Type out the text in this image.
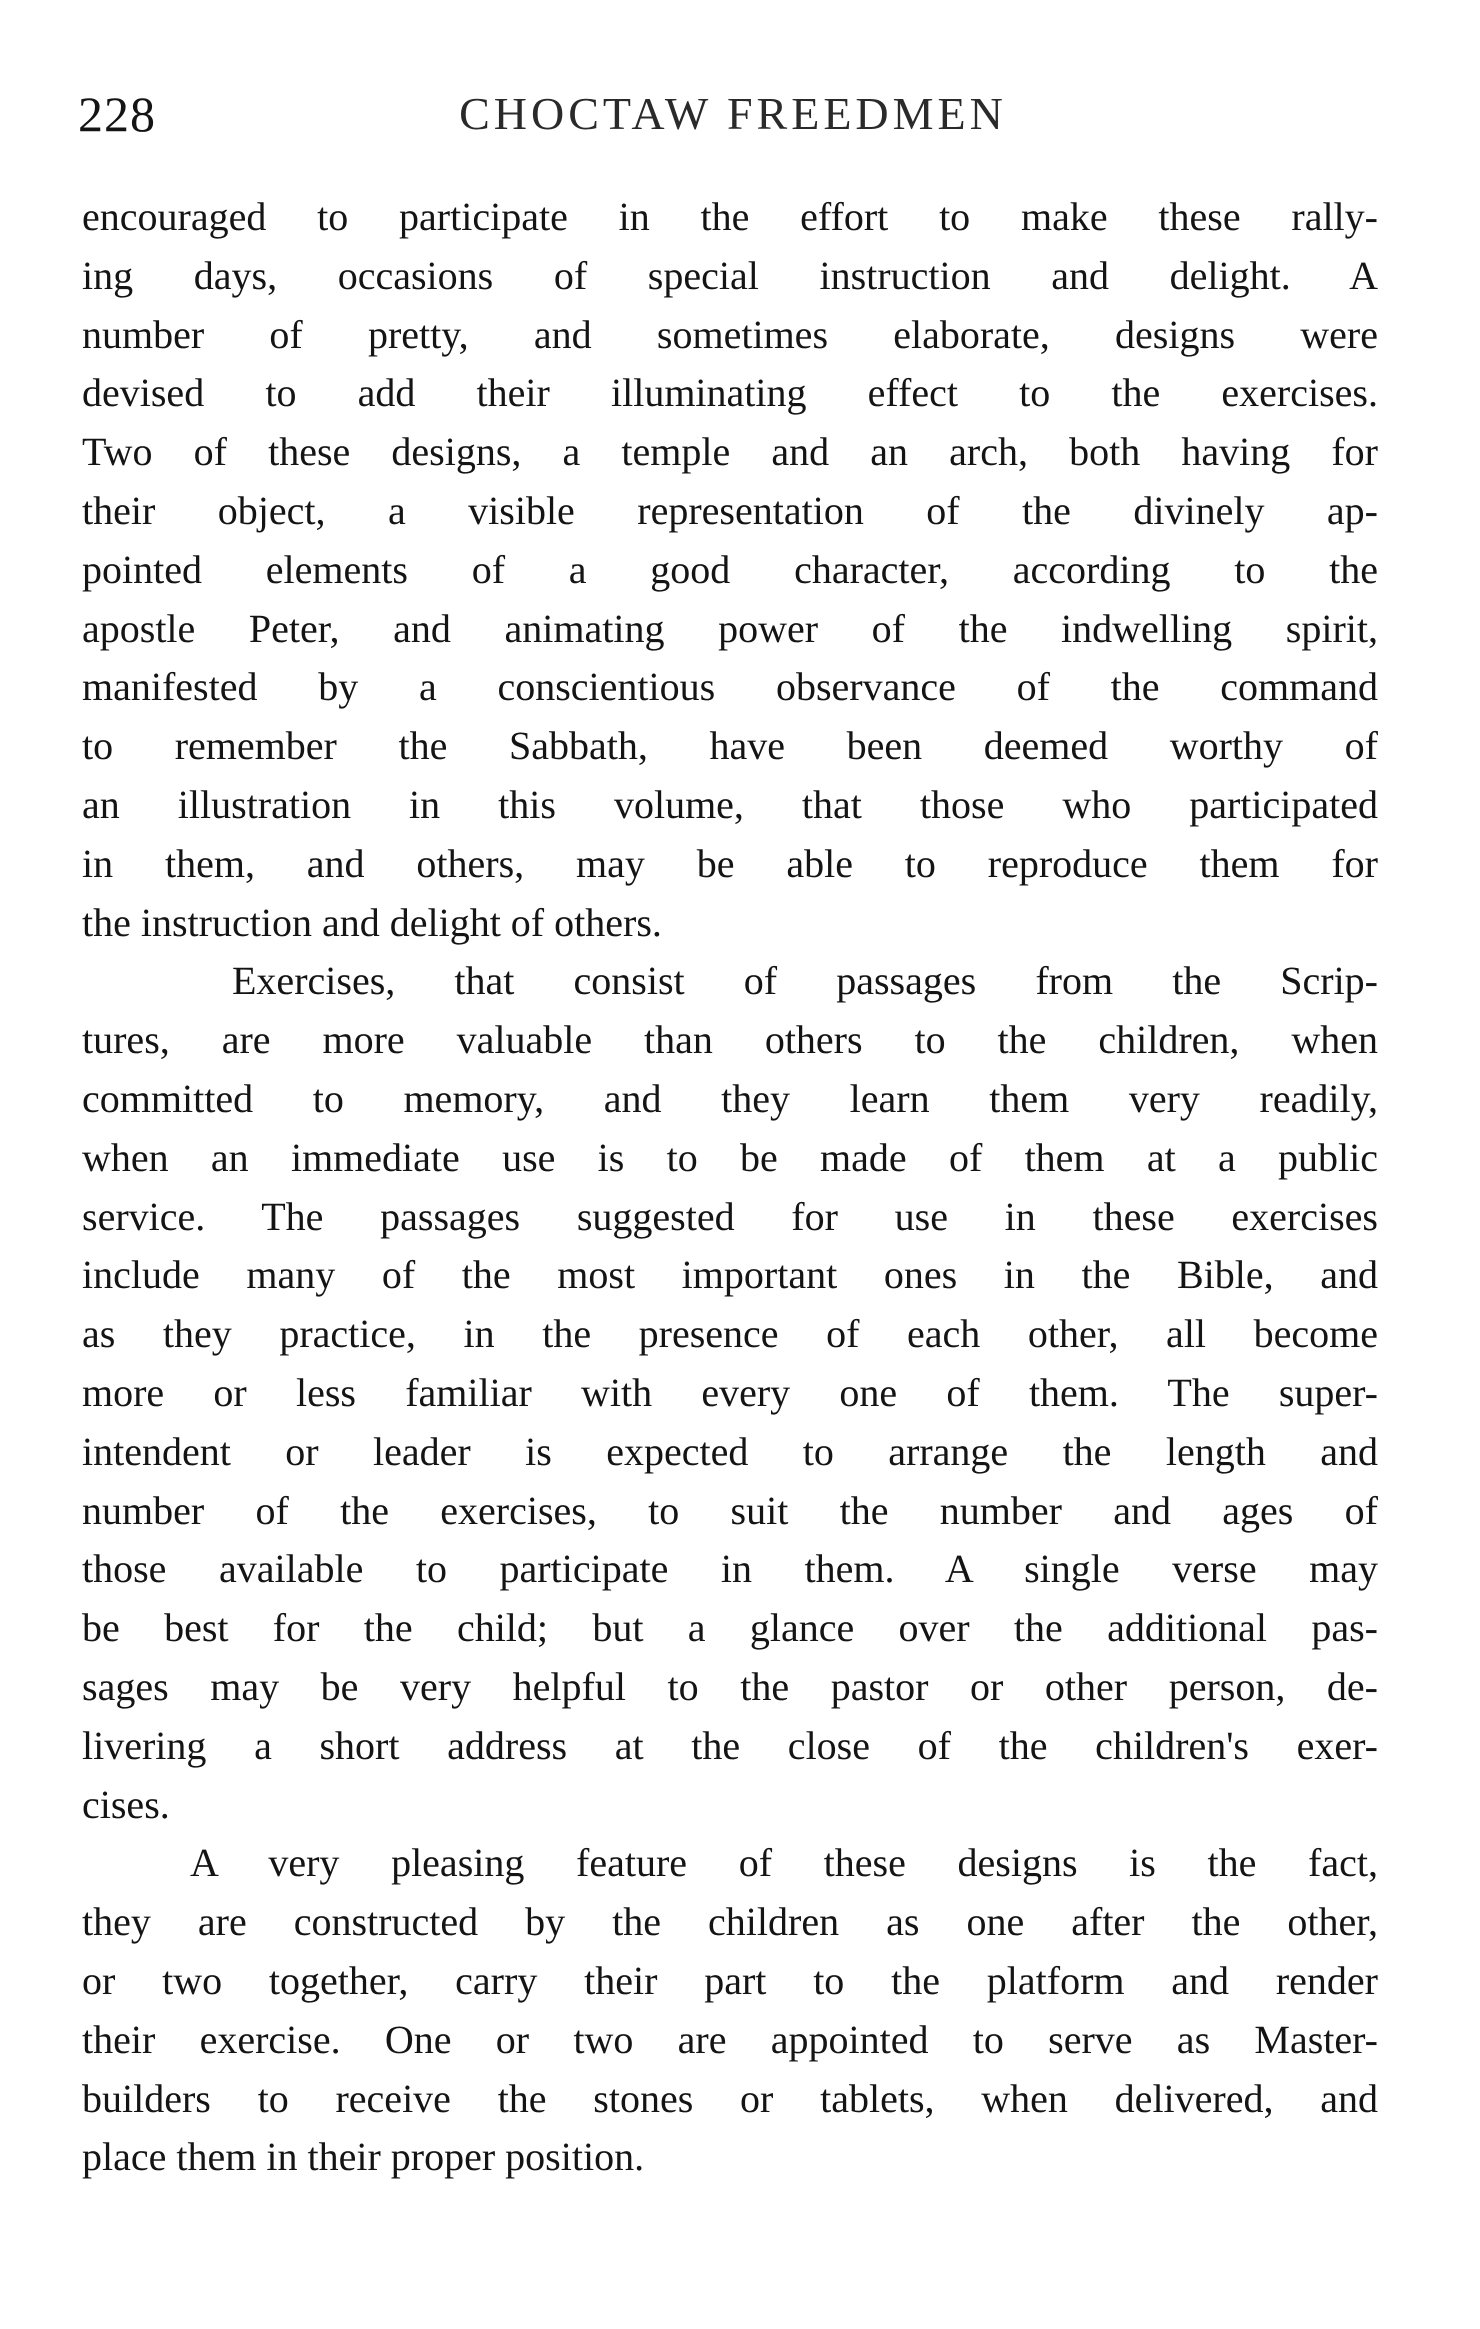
228	CHOCTAW FREEDMEN
encouraged to participate in the effort to make these rally-
ing days, occasions of special instruction and delight. A
number of pretty, and sometimes elaborate, designs were
devised to add their illuminating effect to the exercises.
Two of these designs, a temple and an arch, both having for
their object, a visible representation of the divinely ap-
pointed elements of a good character, according to the
apostle Peter, and animating power of the indwelling spirit,
manifested by a conscientious observance of the command
to remember the Sabbath, have been deemed worthy of
an illustration in this volume, that those who participated
in them, and others, may be able to reproduce them for
the instruction and delight of others.
Exercises, that consist of passages from the Scrip-
tures, are more valuable than others to the children, when
committed to memory, and they learn them very readily,
when an immediate use is to be made of them at a public
service. The passages suggested for use in these exercises
include many of the most important ones in the Bible, and
as they practice, in the presence of each other, all become
more or less familiar with every one of them. The super-
intendent or leader is expected to arrange the length and
number of the exercises, to suit the number and ages of
those available to participate in them. A single verse may
be best for the child; but a glance over the additional pas-
sages may be very helpful to the pastor or other person, de-
livering a short address at the close of the children's exer-
cises.
A very pleasing feature of these designs is the fact,
they are constructed by the children as one after the other,
or two together, carry their part to the platform and render
their exercise. One or two are appointed to serve as Master-
builders to receive the stones or tablets, when delivered, and
place them in their proper position.
